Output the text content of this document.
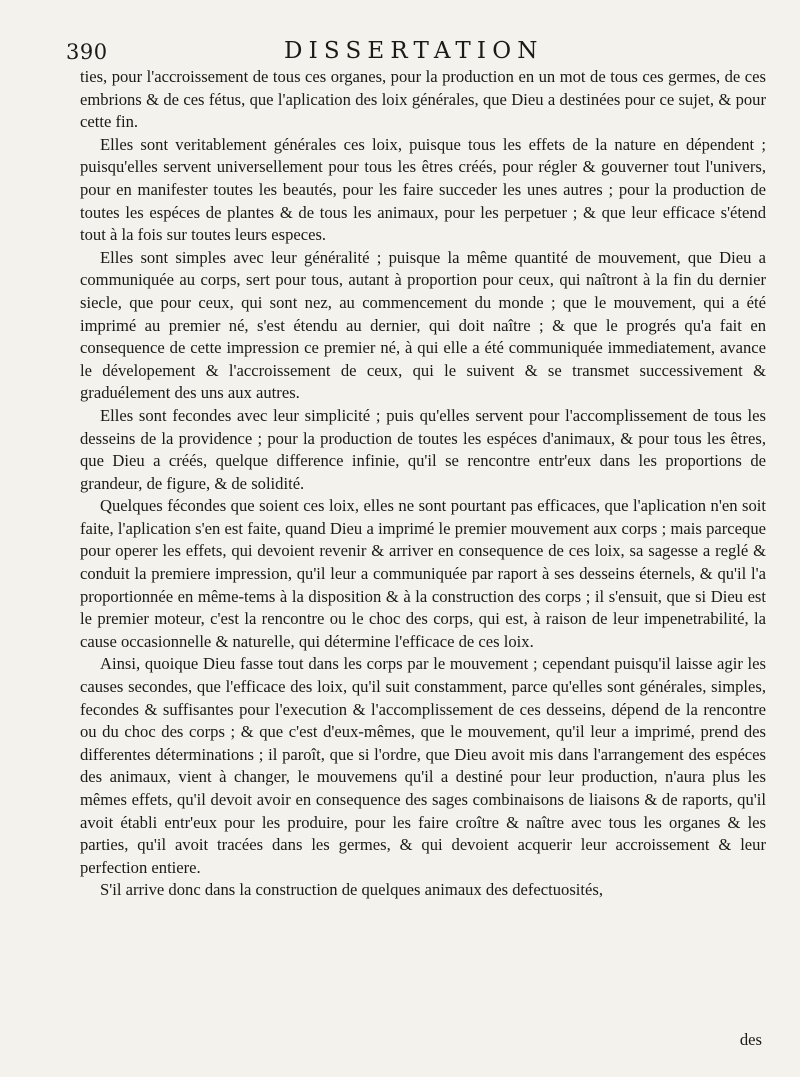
390	DISSERTATION

ties, pour l'accroissement de tous ces organes, pour la production en un mot de tous ces germes, de ces embrions & de ces fétus, que l'aplication des loix générales, que Dieu a destinées pour ce sujet, & pour cette fin.

Elles sont veritablement générales ces loix, puisque tous les effets de la nature en dépendent ; puisqu'elles servent universellement pour tous les êtres créés, pour régler & gouverner tout l'univers, pour en manifester toutes les beautés, pour les faire succeder les unes autres ; pour la production de toutes les espéces de plantes & de tous les animaux, pour les perpetuer ; & que leur efficace s'étend tout à la fois sur toutes leurs especes.

Elles sont simples avec leur généralité ; puisque la même quantité de mouvement, que Dieu a communiquée au corps, sert pour tous, autant à proportion pour ceux, qui naîtront à la fin du dernier siecle, que pour ceux, qui sont nez, au commencement du monde ; que le mouvement, qui a été imprimé au premier né, s'est étendu au dernier, qui doit naître ; & que le progrés qu'a fait en consequence de cette impression ce premier né, à qui elle a été communiquée immediatement, avance le dévelopement & l'accroissement de ceux, qui le suivent & se transmet successivement & graduélement des uns aux autres.

Elles sont fecondes avec leur simplicité ; puis qu'elles servent pour l'accomplissement de tous les desseins de la providence ; pour la production de toutes les espéces d'animaux, & pour tous les êtres, que Dieu a créés, quelque difference infinie, qu'il se rencontre entr'eux dans les proportions de grandeur, de figure, & de solidité.

Quelques fécondes que soient ces loix, elles ne sont pourtant pas efficaces, que l'aplication n'en soit faite, l'aplication s'en est faite, quand Dieu a imprimé le premier mouvement aux corps ; mais parceque pour operer les effets, qui devoient revenir & arriver en consequence de ces loix, sa sagesse a reglé & conduit la premiere impression, qu'il leur a communiquée par raport à ses desseins éternels, & qu'il l'a proportionnée en même-tems à la disposition & à la construction des corps ; il s'ensuit, que si Dieu est le premier moteur, c'est la rencontre ou le choc des corps, qui est, à raison de leur impenetrabilité, la cause occasionnelle & naturelle, qui détermine l'efficace de ces loix.

Ainsi, quoique Dieu fasse tout dans les corps par le mouvement ; cependant puisqu'il laisse agir les causes secondes, que l'efficace des loix, qu'il suit constamment, parce qu'elles sont générales, simples, fecondes & suffisantes pour l'execution & l'accomplissement de ces desseins, dépend de la rencontre ou du choc des corps ; & que c'est d'eux-mêmes, que le mouvement, qu'il leur a imprimé, prend des differentes déterminations ; il paroît, que si l'ordre, que Dieu avoit mis dans l'arrangement des espéces des animaux, vient à changer, le mouvemens qu'il a destiné pour leur production, n'aura plus les mêmes effets, qu'il devoit avoir en consequence des sages combinaisons de liaisons & de raports, qu'il avoit établi entr'eux pour les produire, pour les faire croître & naître avec tous les organes & les parties, qu'il avoit tracées dans les germes, & qui devoient acquerir leur accroissement & leur perfection entiere.

S'il arrive donc dans la construction de quelques animaux des defectuosités,

des
